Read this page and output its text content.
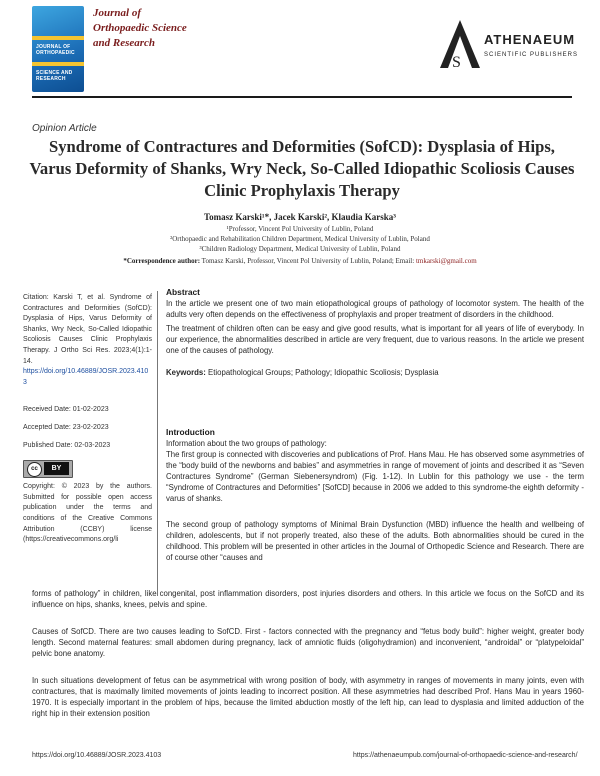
JOURNAL OF
ORTHOPAEDIC
SCIENCE AND
RESEARCH
Journal of
Orthopaedic Science
and Research
S
ATHENAEUM
SCIENTIFIC PUBLISHERS
Opinion Article
Syndrome of Contractures and Deformities (SofCD): Dysplasia of Hips, Varus Deformity of Shanks, Wry Neck, So-Called Idiopathic Scoliosis Causes Clinic Prophylaxis Therapy
Tomasz Karski¹*, Jacek Karski², Klaudia Karska³
¹Professor, Vincent Pol University of Lublin, Poland
²Orthopaedic and Rehabilitation Children Department, Medical University of Lublin, Poland
³Children Radiology Department, Medical University of Lublin, Poland
*Correspondence author: Tomasz Karski, Professor, Vincent Pol University of Lublin, Poland; Email: tmkarski@gmail.com

Citation: Karski T, et al. Syndrome of Contractures and Deformities (SofCD): Dysplasia of Hips, Varus Deformity of Shanks, Wry Neck, So-Called Idiopathic Scoliosis Causes Clinic Prophylaxis Therapy. J Ortho Sci Res. 2023;4(1):1-14.

https://doi.org/10.46889/JOSR.2023.4103

Received Date: 01-02-2023

Accepted Date: 23-02-2023

Published Date: 02-03-2023

cc	BY

Copyright: © 2023 by the authors. Submitted for possible open access publication under the terms and conditions of the Creative Commons Attribution (CCBY) license (https://creativecommons.org/li

Abstract

In the article we present one of two main etiopathological groups of pathology of locomotor system. The health of the adults very often depends on the effectiveness of prophylaxis and proper treatment of disorders in the childhood.

The treatment of children often can be easy and give good results, what is important for all years of life of everybody. In our experience, the abnormalities described in article are very frequent, due to various reasons. In the article we present one of the causes of pathology.

Keywords: Etiopathological Groups; Pathology; Idiopathic Scoliosis; Dysplasia

Introduction

Information about the two groups of pathology:

The first group is connected with discoveries and publications of Prof. Hans Mau. He has observed some asymmetries of the “body build of the newborns and babies” and asymmetries in range of movement of joints and described it as “Seven Contractures Syndrome” (German Siebenersyndrom) (Fig. 1-12). In Lublin for this pathology we use - the term “Syndrome of Contractures and Deformities” [SofCD] because in 2006 we added to this syndrome-the eighth deformity - varus of shanks.

The second group of pathology symptoms of Minimal Brain Dysfunction (MBD) influence the health and wellbeing of children, adolescents, but if not properly treated, also these of the adults. Both abnormalities should be cured in the childhood. This problem will be presented in other articles in the Journal of Orthopedic Science and Research. There are of course other “causes and

forms of pathology” in children, like congenital, post inflammation disorders, post injuries disorders and others. In this article we focus on the SofCD and its influence on hips, shanks, knees, pelvis and spine.

Causes of SofCD. There are two causes leading to SofCD. First - factors connected with the pregnancy and “fetus body build”: higher weight, greater body length. Second maternal features: small abdomen during pregnancy, lack of amniotic fluids (oligohydramion) and inconvenient, “androidal” or “platypeloidal” pelvic bone anatomy.

In such situations development of fetus can be asymmetrical with wrong position of body, with asymmetry in ranges of movements in many joints, even with contractures, that is maximally limited movements of joints leading to incorrect position. All these asymmetries had described Prof. Hans Mau in years 1960-1970. It is especially important in the problem of hips, because the limited abduction mostly of the left hip, can lead to dysplasia and limited adduction of the right hip in their extension position

https://doi.org/10.46889/JOSR.2023.4103	https://athenaeumpub.com/journal-of-orthopaedic-science-and-research/
